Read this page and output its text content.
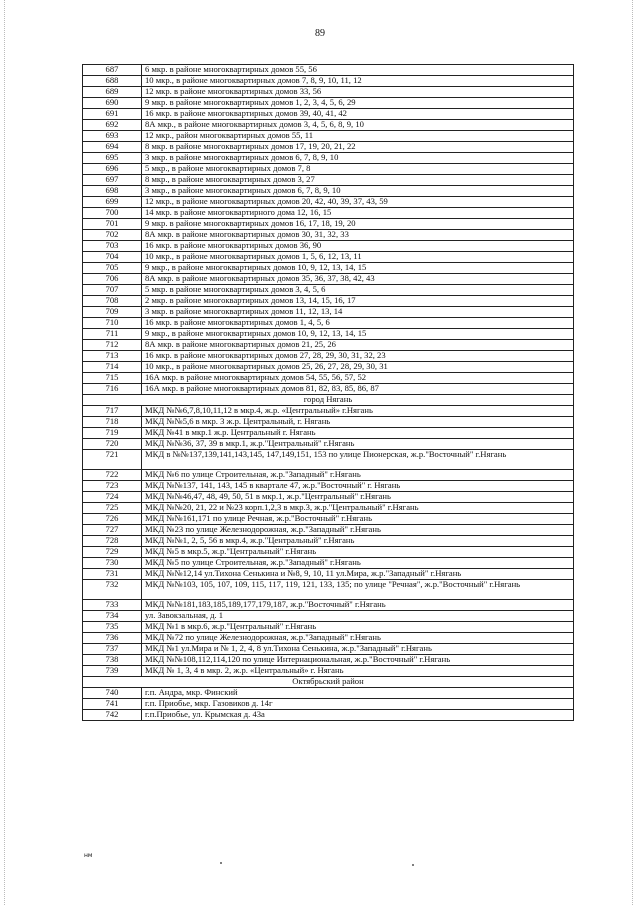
89
687	6 мкр. в районе многоквартирных домов 55, 56
688	10 мкр., в районе многоквартирных домов 7, 8, 9, 10, 11, 12
689	12 мкр. в районе многоквартирных домов 33, 56
690	9 мкр. в районе многоквартирных домов 1, 2, 3, 4, 5, 6, 29
691	16 мкр. в районе многоквартирных домов 39, 40, 41, 42
692	8А мкр., в районе многоквартирных домов 3, 4, 5, 6, 8, 9, 10
693	12 мкр., район многоквартирных домов 55, 11
694	8 мкр. в районе многоквартирных домов 17, 19, 20, 21, 22
695	3 мкр. в районе многоквартирных домов 6, 7, 8, 9, 10
696	5 мкр., в районе многоквартирных домов 7, 8
697	8 мкр., в районе многоквартирных домов 3, 27
698	3 мкр., в районе многоквартирных домов 6, 7, 8, 9, 10
699	12 мкр., в районе многоквартирных домов 20, 42, 40, 39, 37, 43, 59
700	14 мкр. в районе многоквартирного дома 12, 16, 15
701	9 мкр. в районе многоквартирных домов 16, 17, 18, 19, 20
702	8А мкр. в районе многоквартирных домов 30, 31, 32, 33
703	16 мкр. в районе многоквартирных домов 36, 90
704	10 мкр., в районе многоквартирных домов 1, 5, 6, 12, 13, 11
705	9 мкр., в районе многоквартирных домов 10, 9, 12, 13, 14, 15
706	8А мкр. в районе многоквартирных домов 35, 36, 37, 38, 42, 43
707	5 мкр. в районе многоквартирных домов 3, 4, 5, 6
708	2 мкр. в районе многоквартирных домов 13, 14, 15, 16, 17
709	3 мкр. в районе многоквартирных домов 11, 12, 13, 14
710	16 мкр. в районе многоквартирных домов 1, 4, 5, 6
711	9 мкр., в районе многоквартирных домов 10, 9, 12, 13, 14, 15
712	8А мкр. в районе многоквартирных домов 21, 25, 26
713	16 мкр. в районе многоквартирных домов 27, 28, 29, 30, 31, 32, 23
714	10 мкр., в районе многоквартирных домов 25, 26, 27, 28, 29, 30, 31
715	16А мкр. в районе многоквартирных домов 54, 55, 56, 57, 52
716	16А мкр. в районе многоквартирных домов 81, 82, 83, 85, 86, 87
город Нягань	
717	МКД №№6,7,8,10,11,12 в мкр.4, ж.р. «Центральный» г.Нягань
718	МКД №№5,6 в мкр. 3 ж.р. Центральный, г. Нягань
719	МКД №41 в мкр.1 ж.р. Центральный г. Нягань
720	МКД №№36, 37, 39 в мкр.1, ж.р."Центральный" г.Нягань
721	МКД в №№137,139,141,143,145, 147,149,151, 153 по улице Пионерская, ж.р."Восточный" г.Нягань
722	МКД №6 по улице Строительная, ж.р."Западный" г.Нягань
723	МКД №№137, 141, 143, 145 в квартале 47, ж.р."Восточный" г. Нягань
724	МКД №№46,47, 48, 49, 50, 51 в мкр.1, ж.р."Центральный" г.Нягань
725	МКД №№20, 21, 22 и №23 корп.1,2,3 в мкр.3, ж.р."Центральный" г.Нягань
726	МКД №№161,171 по улице Речная, ж.р."Восточный" г.Нягань
727	МКД №23 по улице Железнодорожная, ж.р."Западный" г.Нягань
728	МКД №№1, 2, 5, 56 в мкр.4, ж.р."Центральный" г.Нягань
729	МКД №5 в мкр.5, ж.р."Центральный" г.Нягань
730	МКД №5 по улице Строительная, ж.р."Западный" г.Нягань
731	МКД №№12,14 ул.Тихона Сенькина и №8, 9, 10, 11 ул.Мира, ж.р."Западный" г.Нягань
732	МКД №№103, 105, 107, 109, 115, 117, 119, 121, 133, 135; по улице "Речная", ж.р."Восточный" г.Нягань
733	МКД №№181,183,185,189,177,179,187, ж.р."Восточный" г.Нягань
734	ул. Завокзальная, д. 1
735	МКД №1 в мкр.6, ж.р."Центральный" г.Нягань
736	МКД №72 по улице Железнодорожная, ж.р."Западный" г.Нягань
737	МКД №1 ул.Мира и № 1, 2, 4, 8 ул.Тихона Сенькина, ж.р."Западный" г.Нягань
738	МКД №№108,112,114,120 по улице Интернациональная, ж.р."Восточный" г.Нягань
739	МКД № 1, 3, 4 в мкр. 2, ж.р. «Центральный» г. Нягань
Октябрьский район	
740	г.п. Андра, мкр. Финский
741	г.п. Приобье, мкр. Газовиков д. 14г
742	г.п.Приобье, ул. Крымская д. 43а
нм
